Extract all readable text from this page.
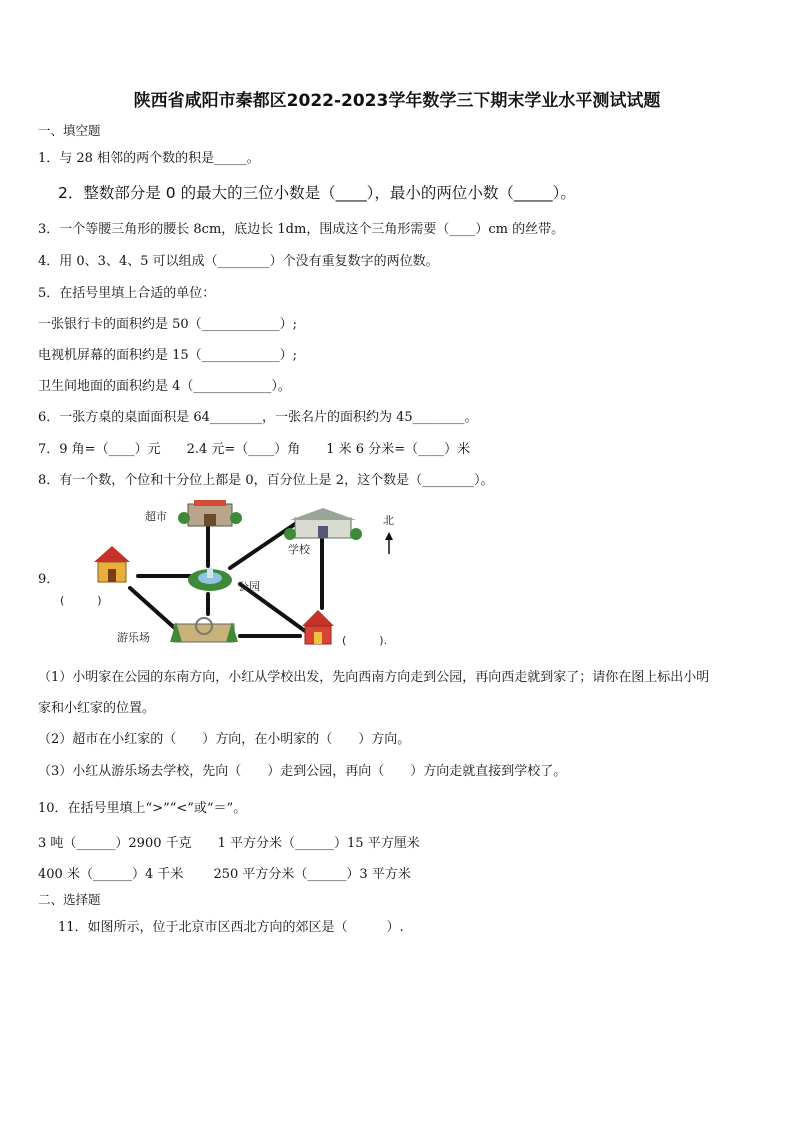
陕西省咸阳市秦都区2022-2023学年数学三下期末学业水平测试试题
一、填空题
1．与 28 相邻的两个数的积是_____。
2．整数部分是 0 的最大的三位小数是（____），最小的两位小数（_____）。
3．一个等腰三角形的腰长 8cm，底边长 1dm，围成这个三角形需要（____）cm 的丝带。
4．用 0、3、4、5 可以组成（________）个没有重复数字的两位数。
5．在括号里填上合适的单位：
一张银行卡的面积约是 50（____________）;
电视机屏幕的面积约是 15（____________）;
卫生间地面的面积约是 4（____________）。
6．一张方桌的桌面面积是 64________，一张名片的面积约为 45________。
7．9 角=（____）元　　2.4 元=（____）角　　1 米 6 分米=（____）米
8．有一个数，个位和十分位上都是 0，百分位上是 2，这个数是（________）。
9．
超市
学校
公园
游乐场
北
(　　　)
(　　　).
（1）小明家在公园的东南方向，小红从学校出发，先向西南方向走到公园，再向西走就到家了；请你在图上标出小明
家和小红家的位置。
（2）超市在小红家的（　　）方向，在小明家的（　　）方向。
（3）小红从游乐场去学校，先向（　　）走到公园，再向（　　）方向走就直接到学校了。
10．在括号里填上“>”“<”或“＝”。
3 吨（______）2900 千克　　1 平方分米（______）15 平方厘米
400 米（______）4 千米　　 250 平方分米（______）3 平方米
二、选择题
11．如图所示，位于北京市区西北方向的郊区是（　　　）.
